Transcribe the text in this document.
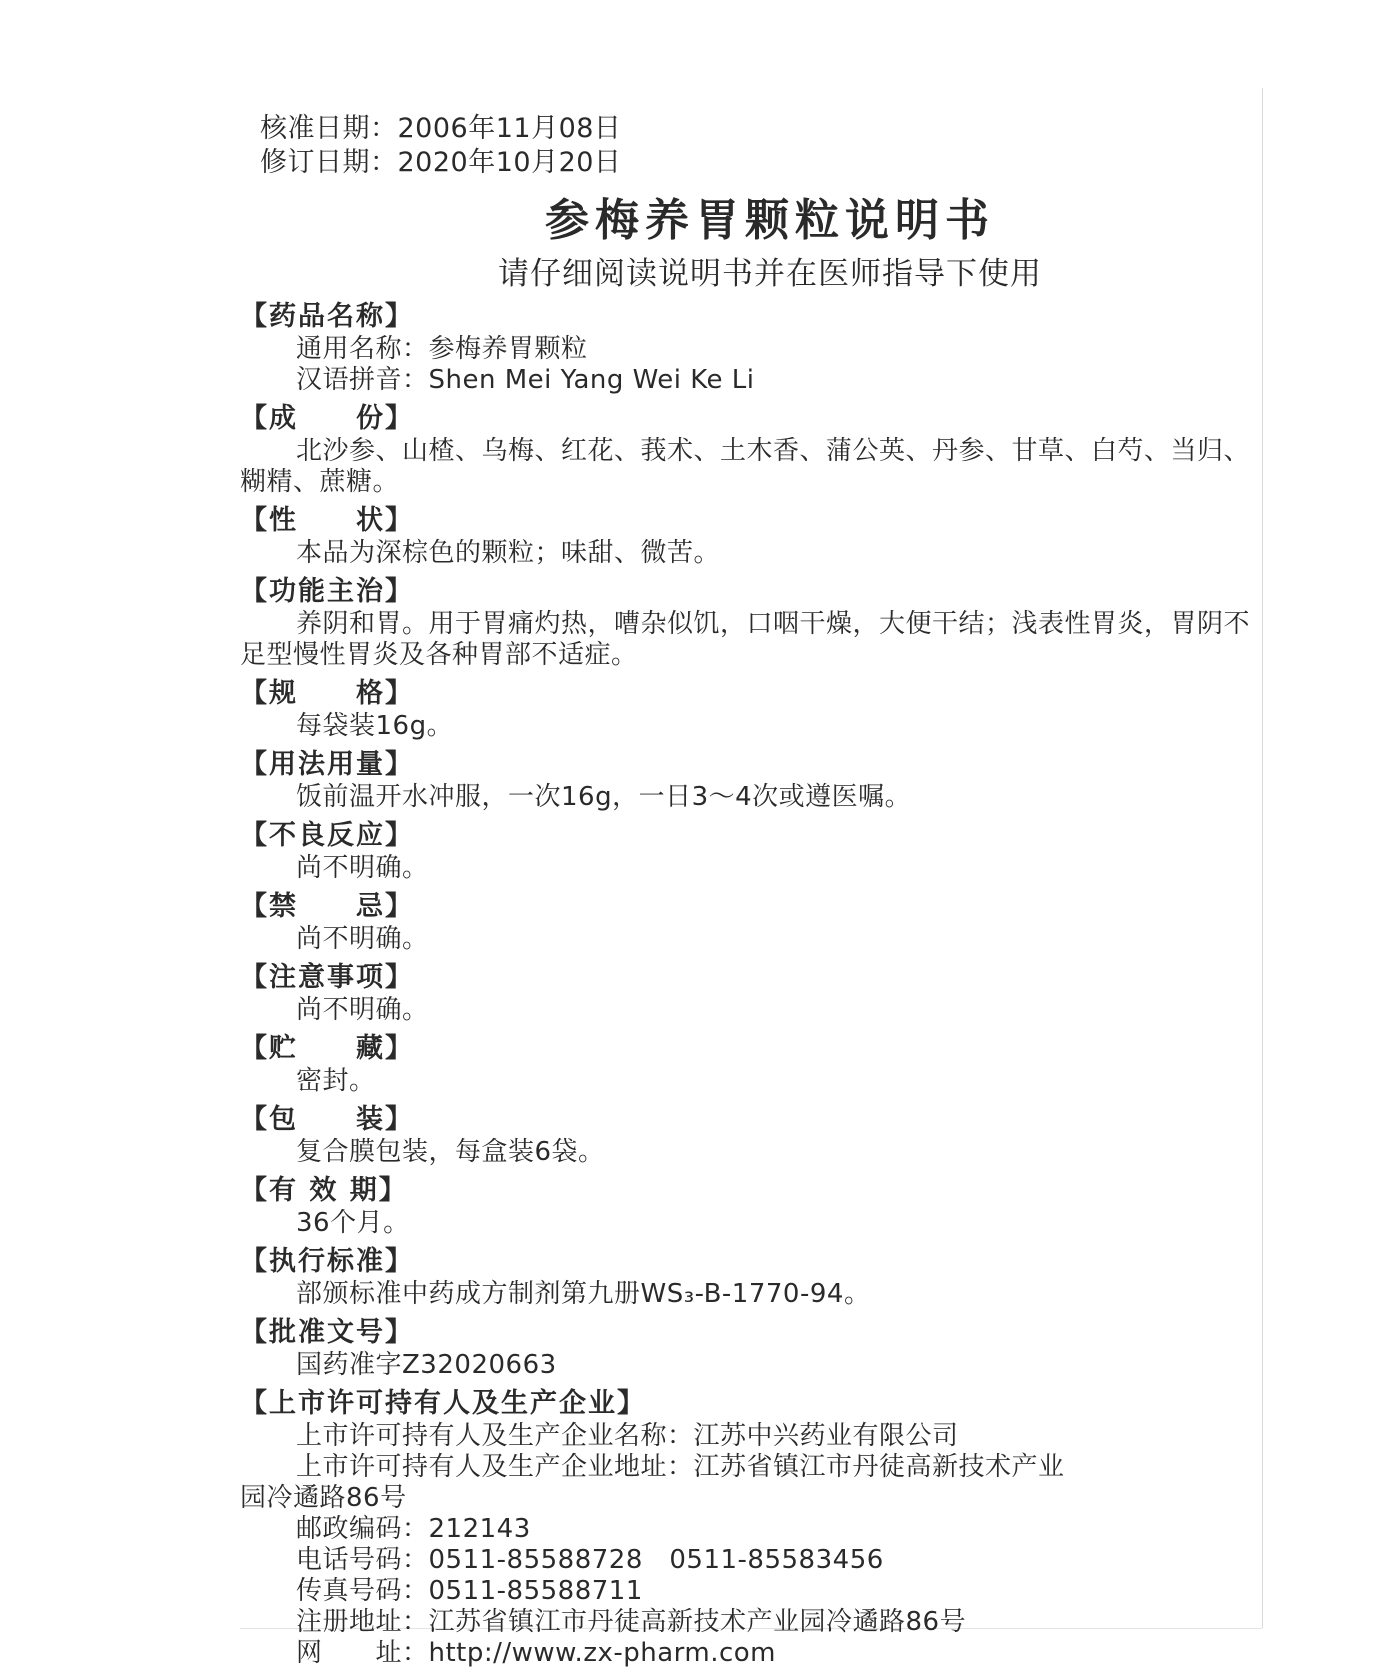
核准日期：2006年11月08日
修订日期：2020年10月20日
参梅养胃颗粒说明书
请仔细阅读说明书并在医师指导下使用
【药品名称】
通用名称：参梅养胃颗粒
汉语拼音：Shen Mei Yang Wei Ke Li
【成　　份】
北沙参、山楂、乌梅、红花、莪术、土木香、蒲公英、丹参、甘草、白芍、当归、糊精、蔗糖。
【性　　状】
本品为深棕色的颗粒；味甜、微苦。
【功能主治】
养阴和胃。用于胃痛灼热，嘈杂似饥，口咽干燥，大便干结；浅表性胃炎，胃阴不足型慢性胃炎及各种胃部不适症。
【规　　格】
每袋装16g。
【用法用量】
饭前温开水冲服，一次16g，一日3～4次或遵医嘱。
【不良反应】
尚不明确。
【禁　　忌】
尚不明确。
【注意事项】
尚不明确。
【贮　　藏】
密封。
【包　　装】
复合膜包装，每盒装6袋。
【有 效 期】
36个月。
【执行标准】
部颁标准中药成方制剂第九册WS₃-B-1770-94。
【批准文号】
国药准字Z32020663
【上市许可持有人及生产企业】
上市许可持有人及生产企业名称：江苏中兴药业有限公司
上市许可持有人及生产企业地址：江苏省镇江市丹徒高新技术产业
园冷遹路86号
邮政编码：212143
电话号码：0511-85588728　0511-85583456
传真号码：0511-85588711
注册地址：江苏省镇江市丹徒高新技术产业园冷遹路86号
网　　址：http://www.zx-pharm.com
